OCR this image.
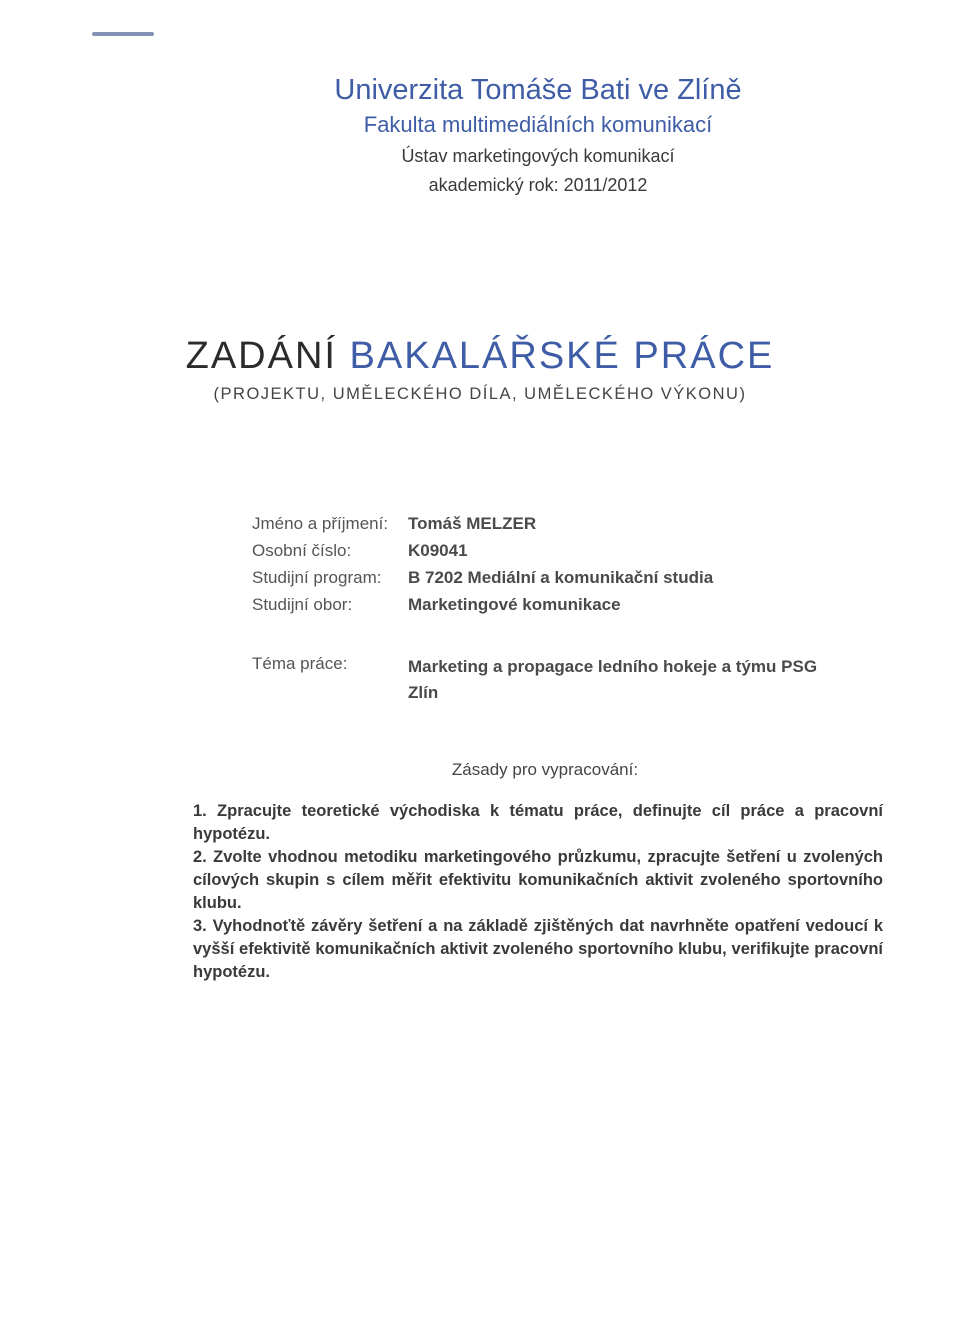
Univerzita Tomáše Bati ve Zlíně
Fakulta multimediálních komunikací
Ústav marketingových komunikací
akademický rok: 2011/2012
ZADÁNÍ BAKALÁŘSKÉ PRÁCE
(PROJEKTU, UMĚLECKÉHO DÍLA, UMĚLECKÉHO VÝKONU)
Jméno a příjmení:	Tomáš MELZER
Osobní číslo:	K09041
Studijní program:	B 7202 Mediální a komunikační studia
Studijní obor:	Marketingové komunikace
Téma práce:	Marketing a propagace ledního hokeje a týmu PSG Zlín
Zásady pro vypracování:

1. Zpracujte teoretické východiska k tématu práce, definujte cíl práce a pracovní hypotézu.

2. Zvolte vhodnou metodiku marketingového průzkumu, zpracujte šetření u zvolených cílových skupin s cílem měřit efektivitu komunikačních aktivit zvoleného sportovního klubu.

3. Vyhodnoťtě závěry šetření a na základě zjištěných dat navrhněte opatření vedoucí k vyšší efektivitě komunikačních aktivit zvoleného sportovního klubu, verifikujte pracovní hypotézu.
